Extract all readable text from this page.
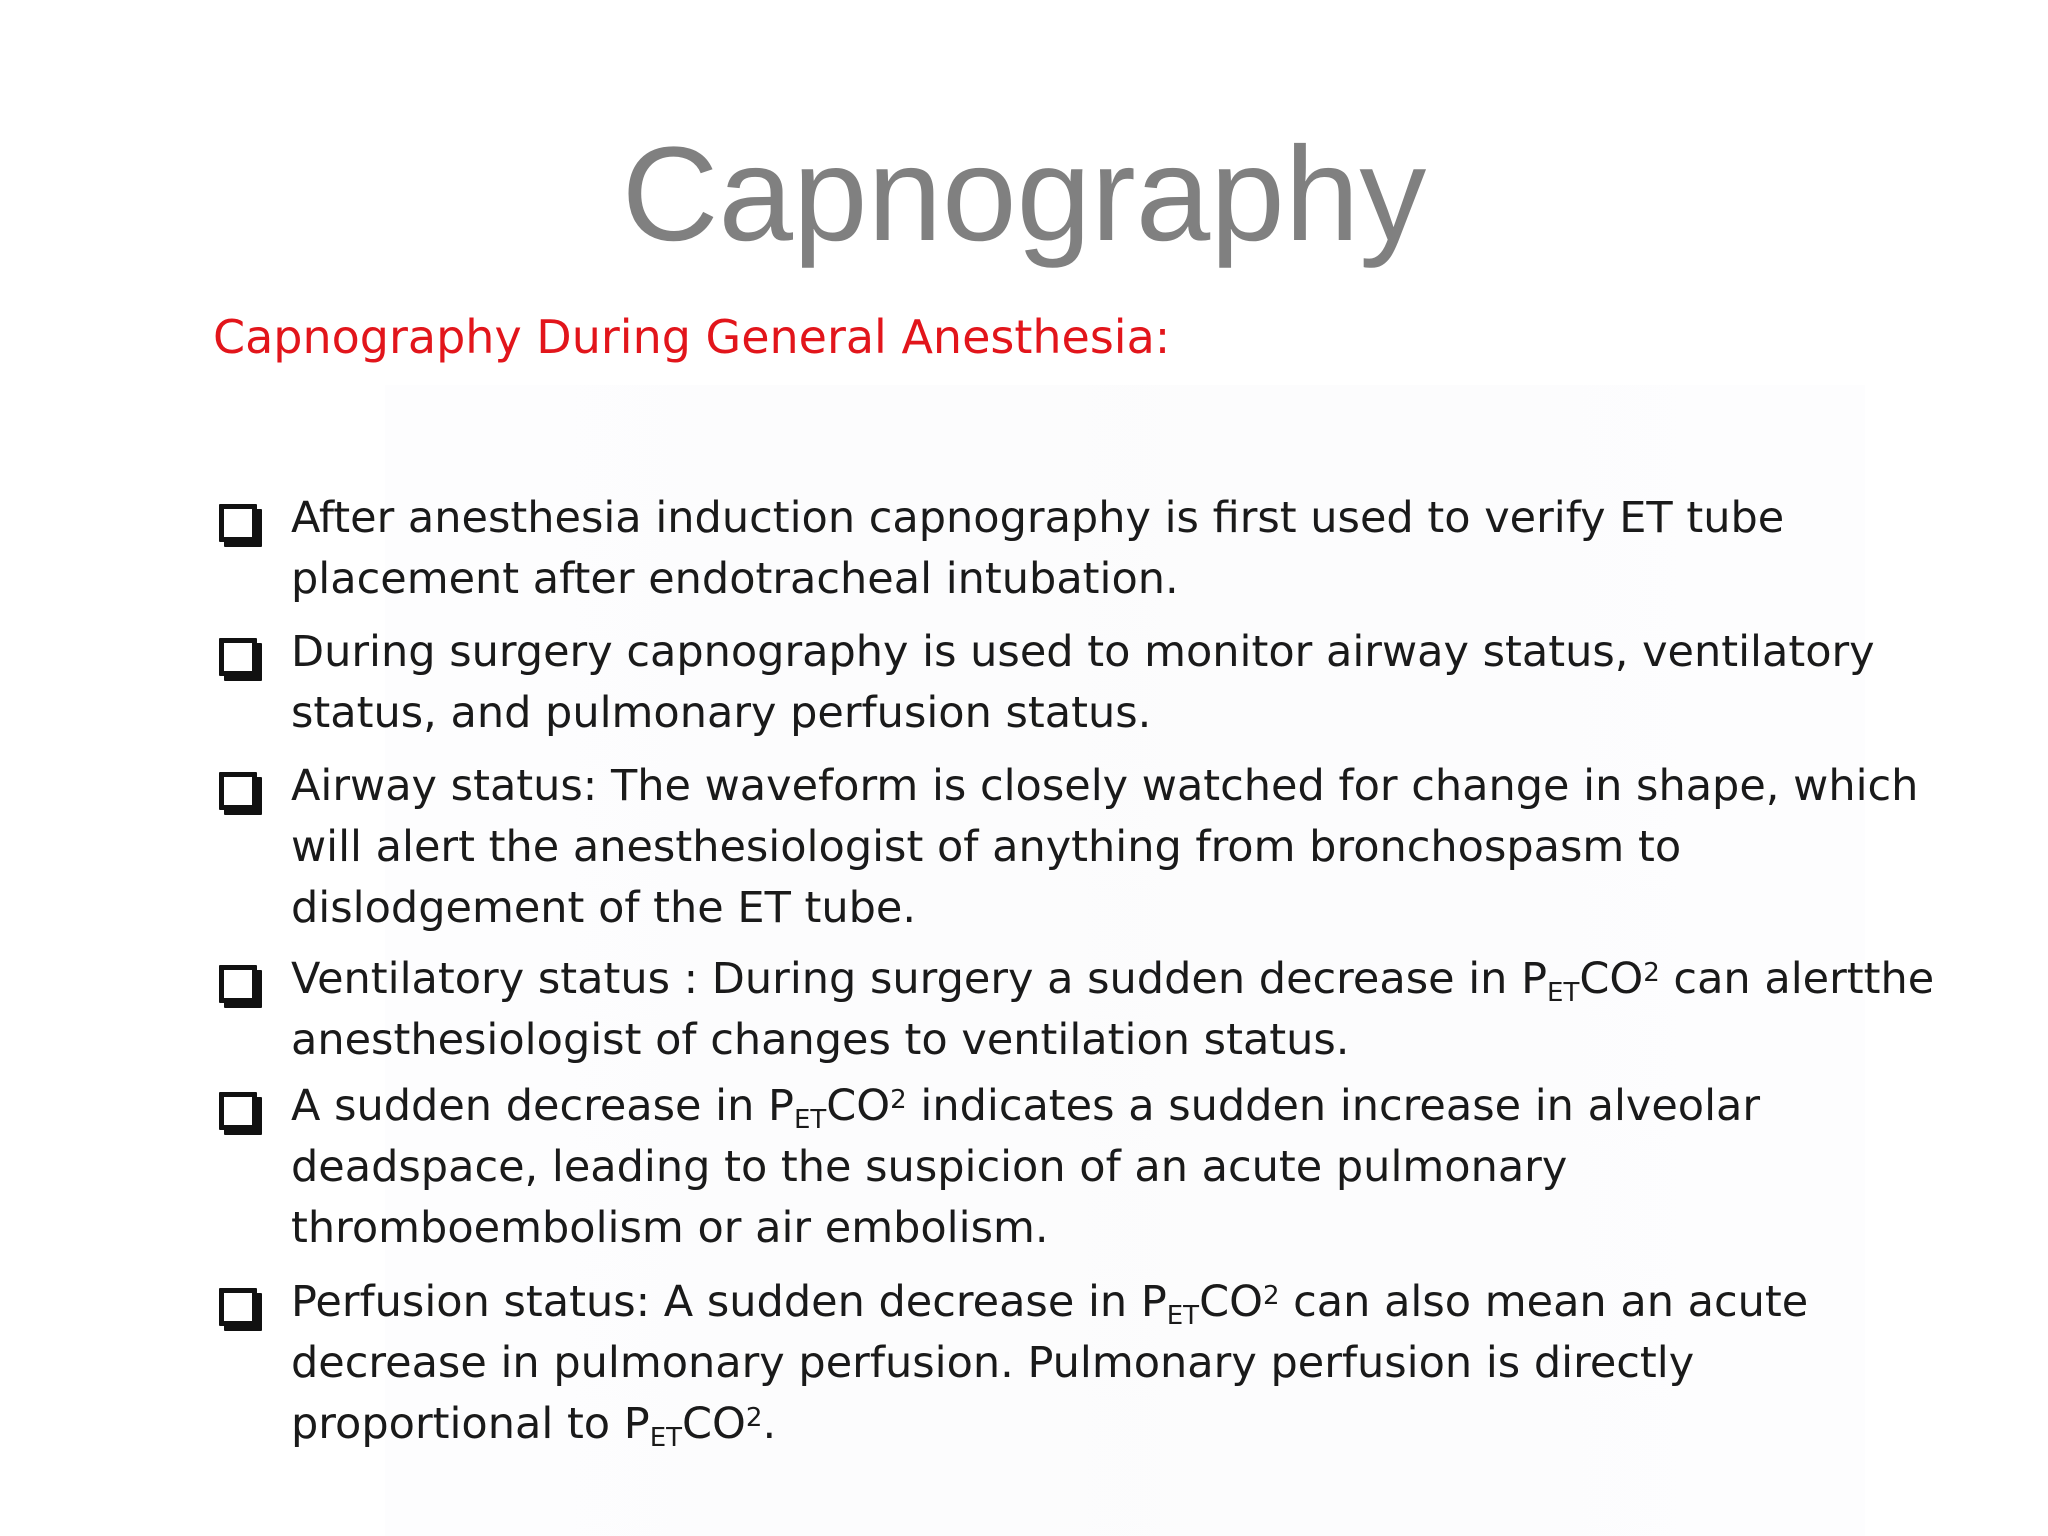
Capnography
Capnography During General Anesthesia:
After anesthesia induction capnography is first used to verify ET tube
placement after endotracheal intubation.
During surgery capnography is used to monitor airway status, ventilatory
status, and pulmonary perfusion status.
Airway status: The waveform is closely watched for change in shape, which
will alert the anesthesiologist of anything from bronchospasm to
dislodgement of the ET tube.
Ventilatory status : During surgery a sudden decrease in $P_{ET}CO^2$ can alertthe
anesthesiologist of changes to ventilation status.
A sudden decrease in $P_{ET}CO^2$ indicates a sudden increase in alveolar
deadspace, leading to the suspicion of an acute pulmonary
thromboembolism or air embolism.
Perfusion status: A sudden decrease in $P_{ET}CO^2$ can also mean an acute
decrease in pulmonary perfusion. Pulmonary perfusion is directly
proportional to $P_{ET}CO^2$.
